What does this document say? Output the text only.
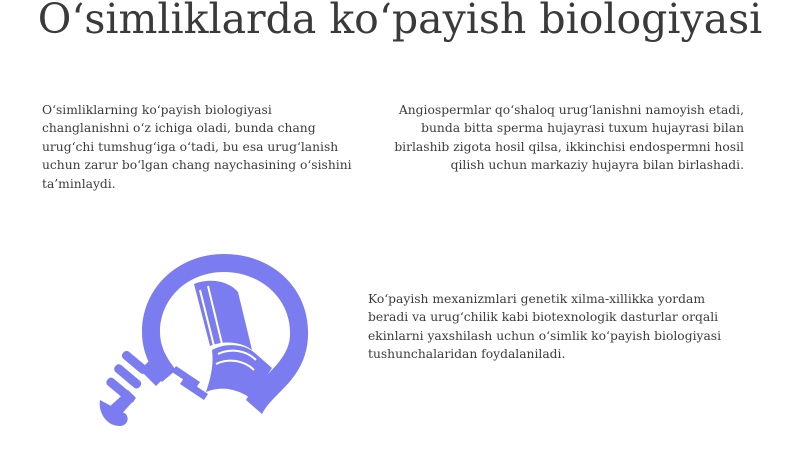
O‘simliklarda ko‘payish biologiyasi

O‘simliklarning ko‘payish biologiyasi changlanishni o‘z ichiga oladi, bunda chang urug‘chi tumshug‘iga o‘tadi, bu esa urug‘lanish uchun zarur bo‘lgan chang naychasining o‘sishini ta’minlaydi.

Angiospermlar qo‘shaloq urug‘lanishni namoyish etadi, bunda bitta sperma hujayrasi tuxum hujayrasi bilan birlashib zigota hosil qilsa, ikkinchisi endospermni hosil qilish uchun markaziy hujayra bilan birlashadi.

Ko‘payish mexanizmlari genetik xilma-xillikka yordam beradi va urug‘chilik kabi biotexnologik dasturlar orqali ekinlarni yaxshilash uchun o‘simlik ko‘payish biologiyasi tushunchalaridan foydalaniladi.
